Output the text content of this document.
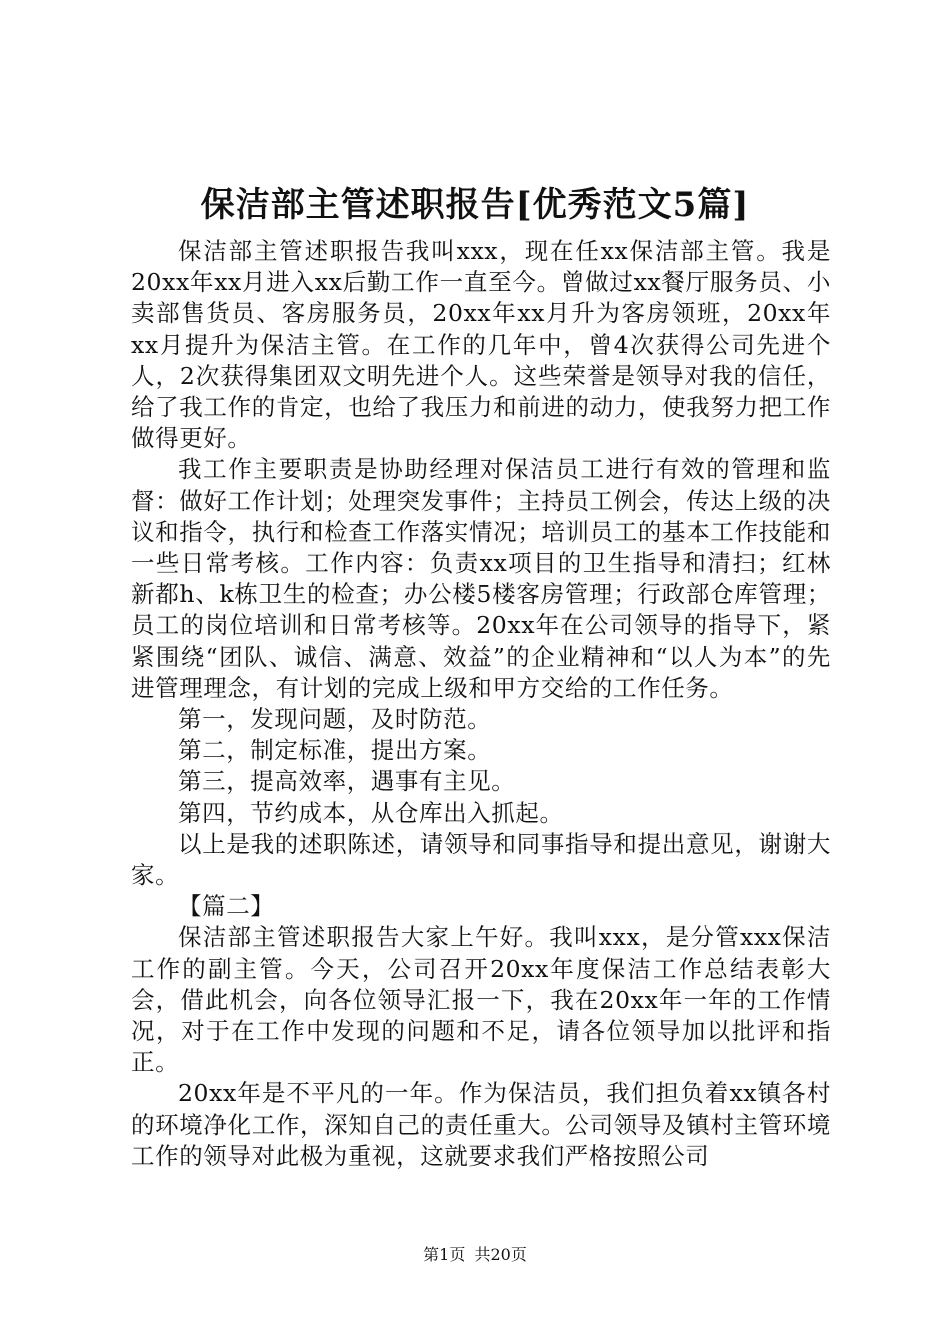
保洁部主管述职报告[优秀范文5篇]

保洁部主管述职报告我叫xxx，现在任xx保洁部主管。我是20xx年xx月进入xx后勤工作一直至今。曾做过xx餐厅服务员、小卖部售货员、客房服务员，20xx年xx月升为客房领班，20xx年xx月提升为保洁主管。在工作的几年中，曾4次获得公司先进个人，2次获得集团双文明先进个人。这些荣誉是领导对我的信任，给了我工作的肯定，也给了我压力和前进的动力，使我努力把工作做得更好。

我工作主要职责是协助经理对保洁员工进行有效的管理和监督：做好工作计划；处理突发事件；主持员工例会，传达上级的决议和指令，执行和检查工作落实情况；培训员工的基本工作技能和一些日常考核。工作内容：负责xx项目的卫生指导和清扫；红林新都h、k栋卫生的检查；办公楼5楼客房管理；行政部仓库管理；员工的岗位培训和日常考核等。20xx年在公司领导的指导下，紧紧围绕“团队、诚信、满意、效益”的企业精神和“以人为本”的先进管理理念，有计划的完成上级和甲方交给的工作任务。

第一，发现问题，及时防范。

第二，制定标准，提出方案。

第三，提高效率，遇事有主见。

第四，节约成本，从仓库出入抓起。

以上是我的述职陈述，请领导和同事指导和提出意见，谢谢大家。

【篇二】

保洁部主管述职报告大家上午好。我叫xxx，是分管xxx保洁工作的副主管。今天，公司召开20xx年度保洁工作总结表彰大会，借此机会，向各位领导汇报一下，我在20xx年一年的工作情况，对于在工作中发现的问题和不足，请各位领导加以批评和指正。

20xx年是不平凡的一年。作为保洁员，我们担负着xx镇各村的环境净化工作，深知自己的责任重大。公司领导及镇村主管环境工作的领导对此极为重视，这就要求我们严格按照公司

第1页 共20页
